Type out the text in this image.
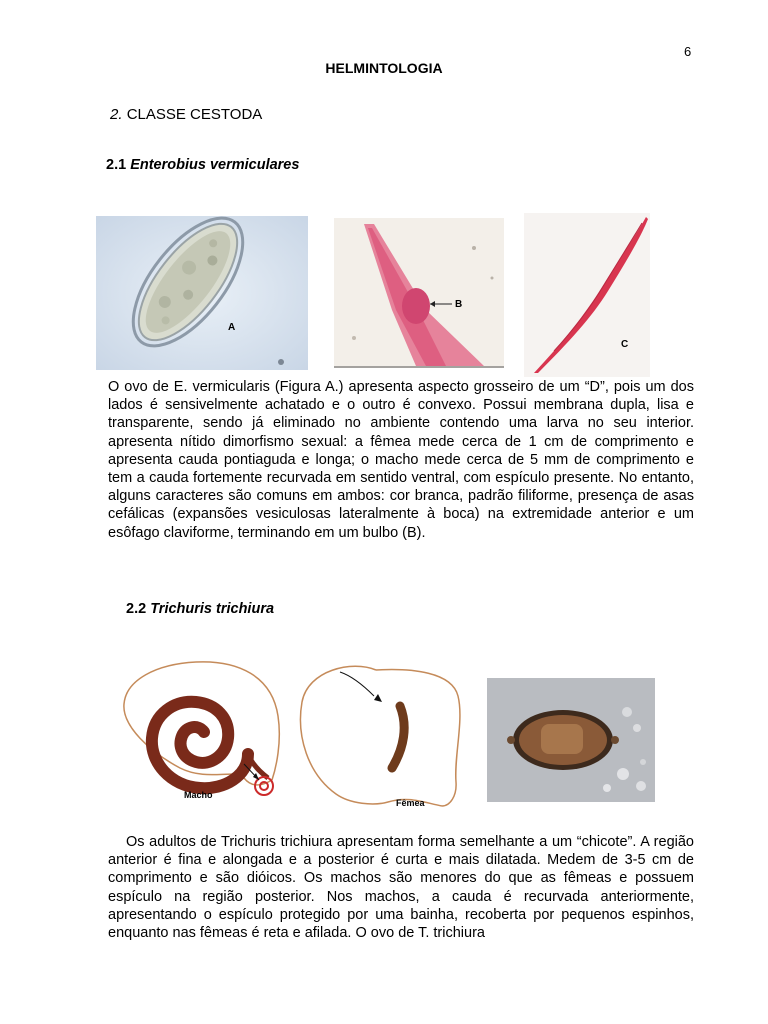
6
HELMINTOLOGIA
2. CLASSE CESTODA
2.1 Enterobius vermiculares
A
B
C
O ovo de E. vermicularis (Figura A.) apresenta aspecto grosseiro de um “D”, pois um dos lados é sensivelmente achatado e o outro é convexo. Possui membrana dupla, lisa e transparente, sendo já eliminado no ambiente contendo uma larva no seu interior. apresenta nítido dimorfismo sexual: a fêmea mede cerca de 1 cm de comprimento e apresenta cauda pontiaguda e longa; o macho mede cerca de 5 mm de comprimento e tem a cauda fortemente recurvada em sentido ventral, com espículo presente. No entanto, alguns caracteres são comuns em ambos: cor branca, padrão filiforme, presença de asas cefálicas (expansões vesiculosas lateralmente à boca) na extremidade anterior e um esôfago claviforme, terminando em um bulbo (B).
2.2 Trichuris trichiura
Macho
Fêmea
Os adultos de Trichuris trichiura apresentam forma semelhante a um “chicote”. A região anterior é fina e alongada e a posterior é curta e mais dilatada. Medem de 3-5 cm de comprimento e são dióicos. Os machos são menores do que as fêmeas e possuem espículo na região posterior. Nos machos, a cauda é recurvada anteriormente, apresentando o espículo protegido por uma bainha, recoberta por pequenos espinhos, enquanto nas fêmeas é reta e afilada. O ovo de T. trichiura
